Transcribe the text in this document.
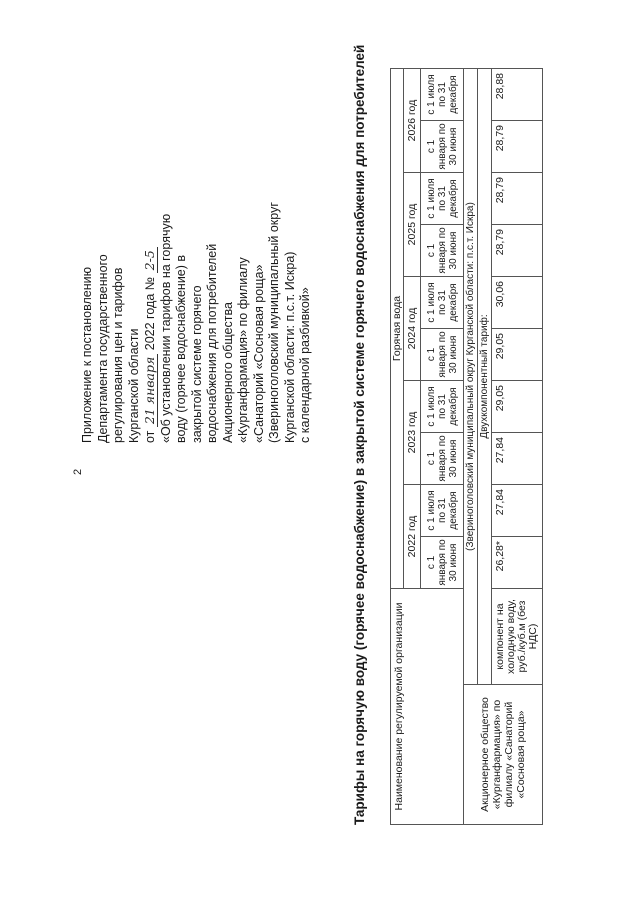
2

Приложение к постановлению Департамента государственного регулирования цен и тарифов Курганской области от 21 января 2022 года № 2-5 «Об установлении тарифов на горячую воду (горячее водоснабжение) в закрытой системе горячего водоснабжения для потребителей Акционерного общества «Курганфармация» по филиалу «Санаторий «Сосновая роща» (Звериноголовский муниципальный округ Курганской области: п.с.т. Искра) с календарной разбивкой»	Тарифы на горячую воду (горячее водоснабжение) в закрытой системе горячего водоснабжения для потребителей Наименование регулируемой организации		Горячая вода									
		2022 год		2023 год		2024 год		2025 год		2026 год	
		с 1 января по 30 июня	с 1 июля по 31 декабря	с 1 января по 30 июня	с 1 июля по 31 декабря	с 1 января по 30 июня	с 1 июля по 31 декабря	с 1 января по 30 июня	с 1 июля по 31 декабря	с 1 января по 30 июня	с 1 июля по 31 декабря
Акционерное общество «Курганфармация» по филиалу «Санаторий «Сосновая роща»	(Звериноголовский муниципальный округ Курганской области: п.с.т. Искра)										
	Двухкомпонентный тариф:										
	компонент на холодную воду, руб./куб.м (без НДС)	26,28*	27,84	27,84	29,05	29,05	30,06	28,79	28,79	28,79	28,88
